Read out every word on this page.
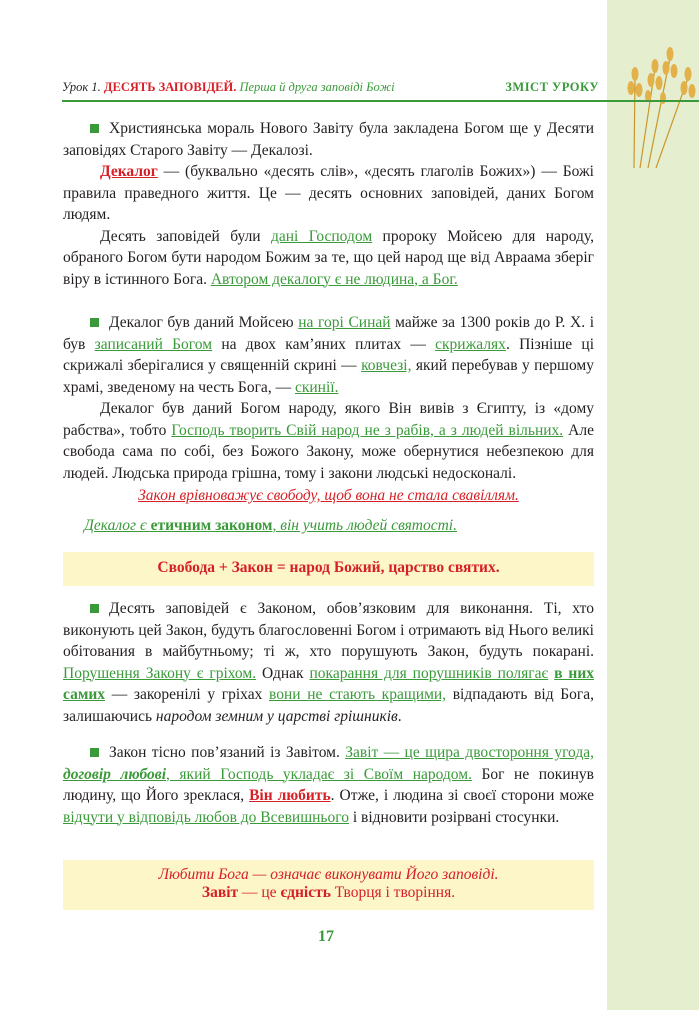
Урок 1. ДЕСЯТЬ ЗАПОВІДЕЙ. Перша й друга заповіді Божі	ЗМІСТ УРОКУ

Християнська мораль Нового Завіту була закладена Богом ще у Десяти заповідях Старого Завіту — Декалозі.

Декалог — (буквально «десять слів», «десять глаголів Божих») — Божі правила праведного життя. Це — десять основних заповідей, даних Богом людям.

Десять заповідей були дані Господом пророку Мойсею для народу, обраного Богом бути народом Божим за те, що цей народ ще від Авраама зберіг віру в істинного Бога. Автором декалогу є не людина, а Бог.

Декалог був даний Мойсею на горі Синай майже за 1300 років до Р. Х. і був записаний Богом на двох кам’яних плитах — скрижалях. Пізніше ці скрижалі зберігалися у священній скрині — ковчезі, який перебував у першому храмі, зведеному на честь Бога, — скинії.

Декалог був даний Богом народу, якого Він вивів з Єгипту, із «дому рабства», тобто Господь творить Свій народ не з рабів, а з людей вільних. Але свобода сама по собі, без Божого Закону, може обернутися небезпекою для людей. Людська природа грішна, тому і закони людські недосконалі.

Закон врівноважує свободу, щоб вона не стала свавіллям.
Декалог є етичним законом, він учить людей святості.
Свобода + Закон = народ Божий, царство святих.

Десять заповідей є Законом, обов’язковим для виконання. Ті, хто виконують цей Закон, будуть благословенні Богом і отримають від Нього великі обітования в майбутньому; ті ж, хто порушують Закон, будуть покарані. Порушення Закону є гріхом. Однак покарання для порушників полягає в них самих — закоренілі у гріхах вони не стають кращими, відпадають від Бога, залишаючись народом земним у царстві грішників.

Закон тісно пов’язаний із Завітом. Завіт — це щира двостороння угода, договір любові, який Господь укладає зі Своїм народом. Бог не покинув людину, що Його зреклася, Він любить. Отже, і людина зі своєї сторони може відчути у відповідь любов до Всевишнього і відновити розірвані стосунки.

Любити Бога — означає виконувати Його заповіді.
Завіт — це єдність Творця і творіння.
17
